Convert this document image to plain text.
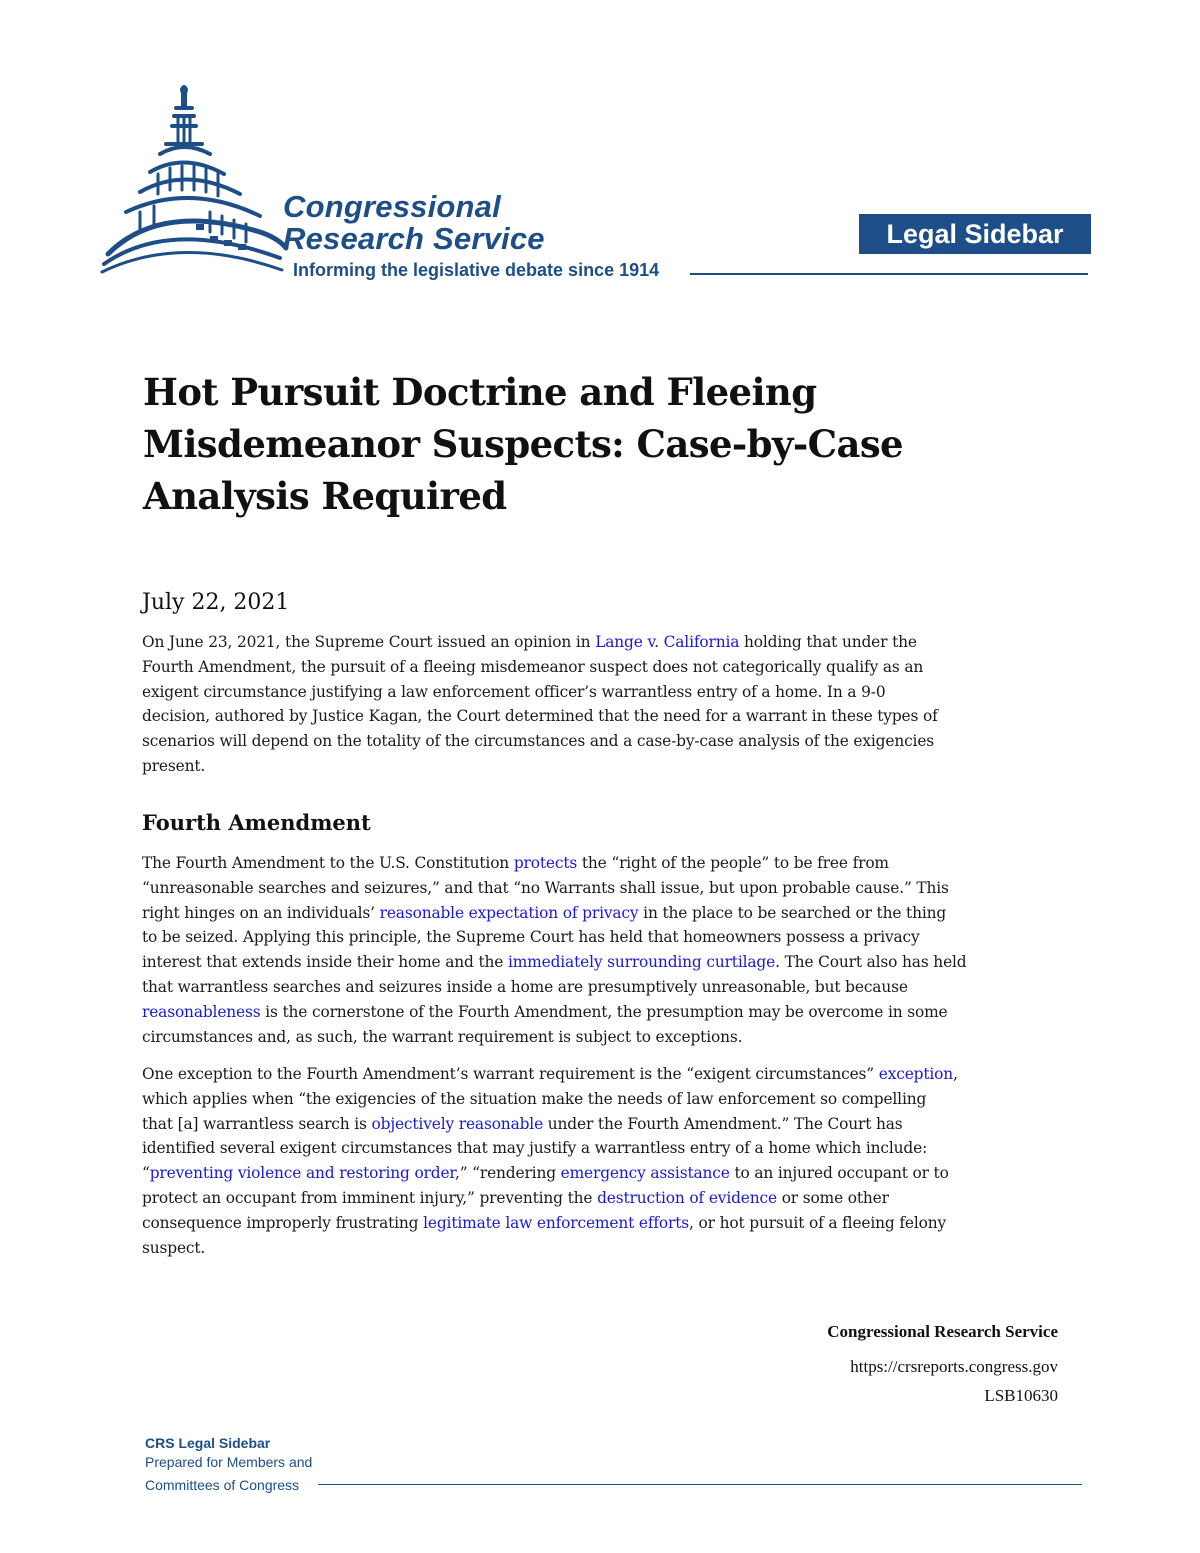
Congressional
Research Service
Informing the legislative debate since 1914
Legal Sidebar
Hot Pursuit Doctrine and Fleeing
Misdemeanor Suspects: Case-by-Case
Analysis Required
July 22, 2021
On June 23, 2021, the Supreme Court issued an opinion in Lange v. California holding that under the
Fourth Amendment, the pursuit of a fleeing misdemeanor suspect does not categorically qualify as an
exigent circumstance justifying a law enforcement officer’s warrantless entry of a home. In a 9-0
decision, authored by Justice Kagan, the Court determined that the need for a warrant in these types of
scenarios will depend on the totality of the circumstances and a case-by-case analysis of the exigencies
present.
Fourth Amendment
The Fourth Amendment to the U.S. Constitution protects the “right of the people” to be free from
“unreasonable searches and seizures,” and that “no Warrants shall issue, but upon probable cause.” This
right hinges on an individuals’ reasonable expectation of privacy in the place to be searched or the thing
to be seized. Applying this principle, the Supreme Court has held that homeowners possess a privacy
interest that extends inside their home and the immediately surrounding curtilage. The Court also has held
that warrantless searches and seizures inside a home are presumptively unreasonable, but because
reasonableness is the cornerstone of the Fourth Amendment, the presumption may be overcome in some
circumstances and, as such, the warrant requirement is subject to exceptions.
One exception to the Fourth Amendment’s warrant requirement is the “exigent circumstances” exception,
which applies when “the exigencies of the situation make the needs of law enforcement so compelling
that [a] warrantless search is objectively reasonable under the Fourth Amendment.” The Court has
identified several exigent circumstances that may justify a warrantless entry of a home which include:
“preventing violence and restoring order,” “rendering emergency assistance to an injured occupant or to
protect an occupant from imminent injury,” preventing the destruction of evidence or some other
consequence improperly frustrating legitimate law enforcement efforts, or hot pursuit of a fleeing felony
suspect.
Congressional Research Service
https://crsreports.congress.gov
LSB10630
CRS Legal Sidebar
Prepared for Members and
Committees of Congress
